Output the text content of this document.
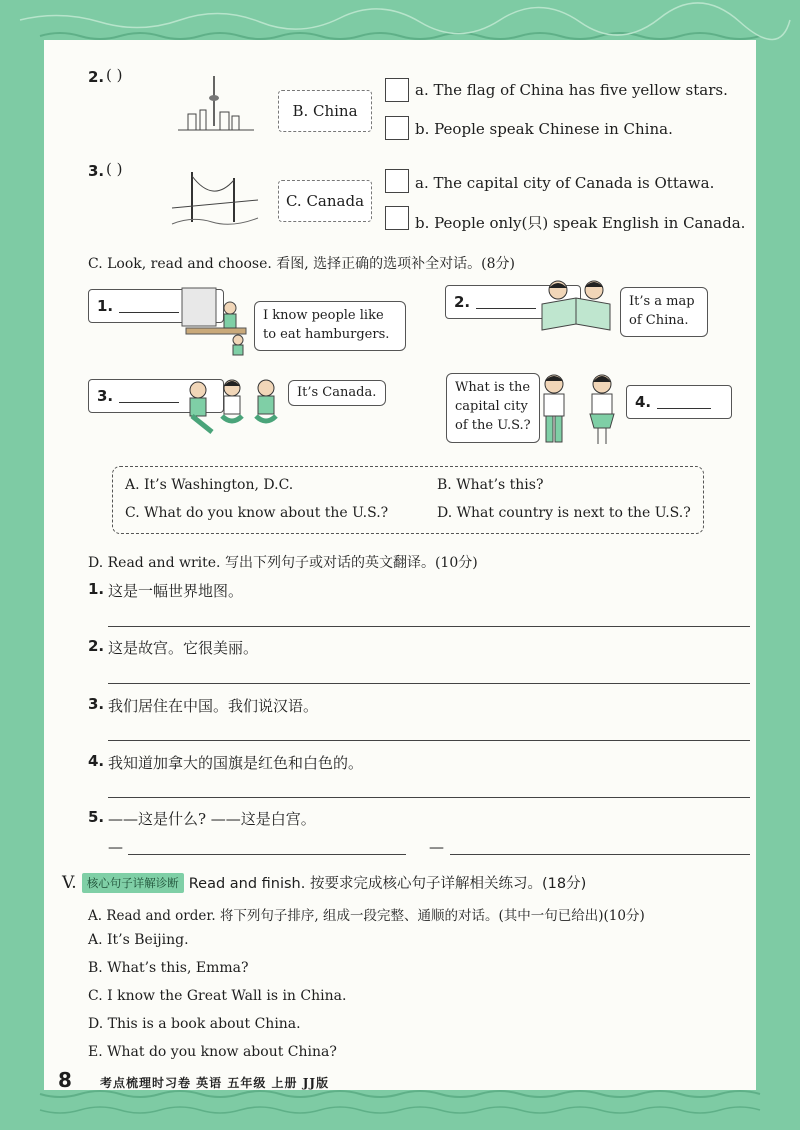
2. ( )
B. China
a. The flag of China has five yellow stars.
b. People speak Chinese in China.
3. ( )
C. Canada
a. The capital city of Canada is Ottawa.
b. People only(只) speak English in Canada.
C. Look, read and choose. 看图, 选择正确的选项补全对话。(8分)
1.
I know people like to eat hamburgers.
2.	It’s a map of China.
3.	It’s Canada.	What is the capital city of the U.S.?
4.
A. It’s Washington, D.C.	B. What’s this?
C. What do you know about the U.S.?	D. What country is next to the U.S.?
D. Read and write. 写出下列句子或对话的英文翻译。(10分)
1. 这是一幅世界地图。
2. 这是故宫。它很美丽。
3. 我们居住在中国。我们说汉语。
4. 我知道加拿大的国旗是红色和白色的。
5. ——这是什么? ——这是白宫。
—	—
V. 核心句子详解诊断 Read and finish. 按要求完成核心句子详解相关练习。(18分)
A. Read and order. 将下列句子排序, 组成一段完整、通顺的对话。(其中一句已给出)(10分)
A. It’s Beijing.
B. What’s this, Emma?
C. I know the Great Wall is in China.
D. This is a book about China.
E. What do you know about China?
8 考点梳理时习卷 英语 五年级 上册 JJ版
